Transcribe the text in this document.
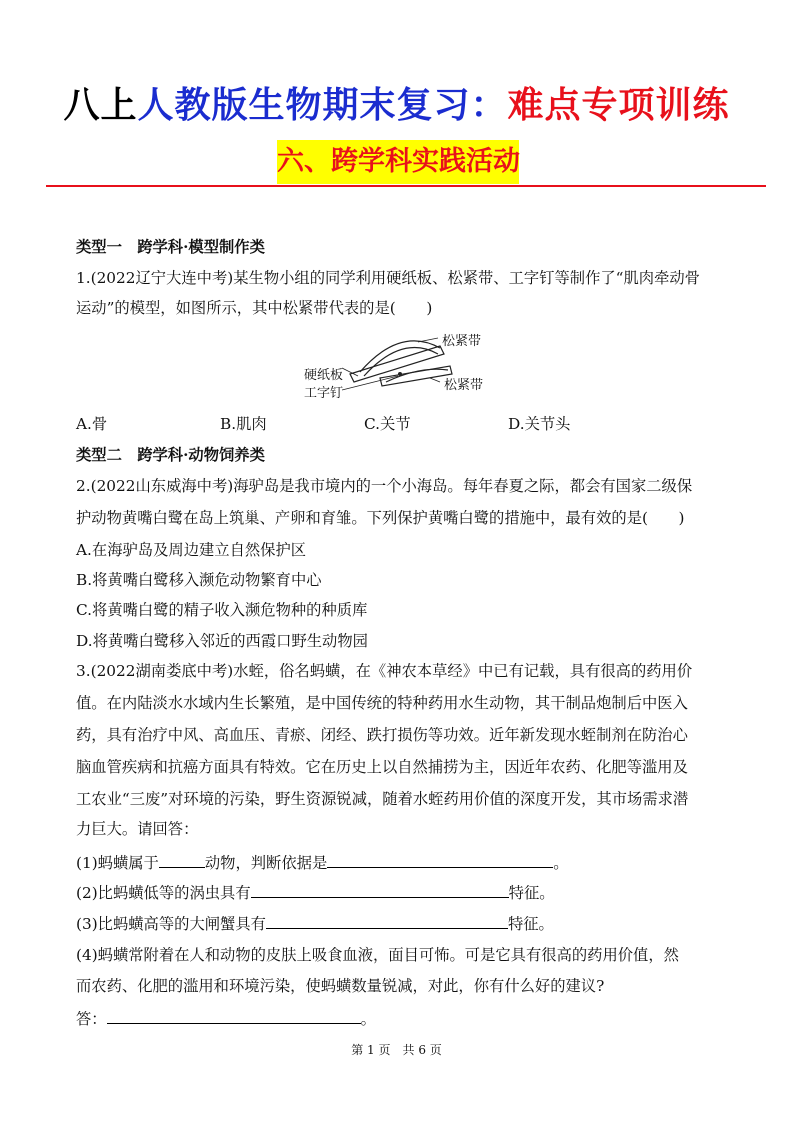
八上人教版生物期末复习：难点专项训练
六、跨学科实践活动
类型一　跨学科·模型制作类
1.(2022辽宁大连中考)某生物小组的同学利用硬纸板、松紧带、工字钉等制作了“肌肉牵动骨
运动”的模型，如图所示，其中松紧带代表的是(　　)
松紧带
松紧带
硬纸板
工字钉
A.骨	B.肌肉	C.关节	D.关节头
类型二　跨学科·动物饲养类
2.(2022山东威海中考)海驴岛是我市境内的一个小海岛。每年春夏之际，都会有国家二级保
护动物黄嘴白鹭在岛上筑巢、产卵和育雏。下列保护黄嘴白鹭的措施中，最有效的是(　　)
A.在海驴岛及周边建立自然保护区
B.将黄嘴白鹭移入濒危动物繁育中心
C.将黄嘴白鹭的精子收入濒危物种的种质库
D.将黄嘴白鹭移入邻近的西霞口野生动物园
3.(2022湖南娄底中考)水蛭，俗名蚂蟥，在《神农本草经》中已有记载，具有很高的药用价
值。在内陆淡水水域内生长繁殖，是中国传统的特种药用水生动物，其干制品炮制后中医入
药，具有治疗中风、高血压、青瘀、闭经、跌打损伤等功效。近年新发现水蛭制剂在防治心
脑血管疾病和抗癌方面具有特效。它在历史上以自然捕捞为主，因近年农药、化肥等滥用及
工农业“三废”对环境的污染，野生资源锐减，随着水蛭药用价值的深度开发，其市场需求潜
力巨大。请回答：
(1)蚂蟥属于	动物，判断依据是	。
(2)比蚂蟥低等的涡虫具有	特征。
(3)比蚂蟥高等的大闸蟹具有	特征。
(4)蚂蟥常附着在人和动物的皮肤上吸食血液，面目可怖。可是它具有很高的药用价值，然
而农药、化肥的滥用和环境污染，使蚂蟥数量锐减，对此，你有什么好的建议?
答：	。
第 1 页　共 6 页
